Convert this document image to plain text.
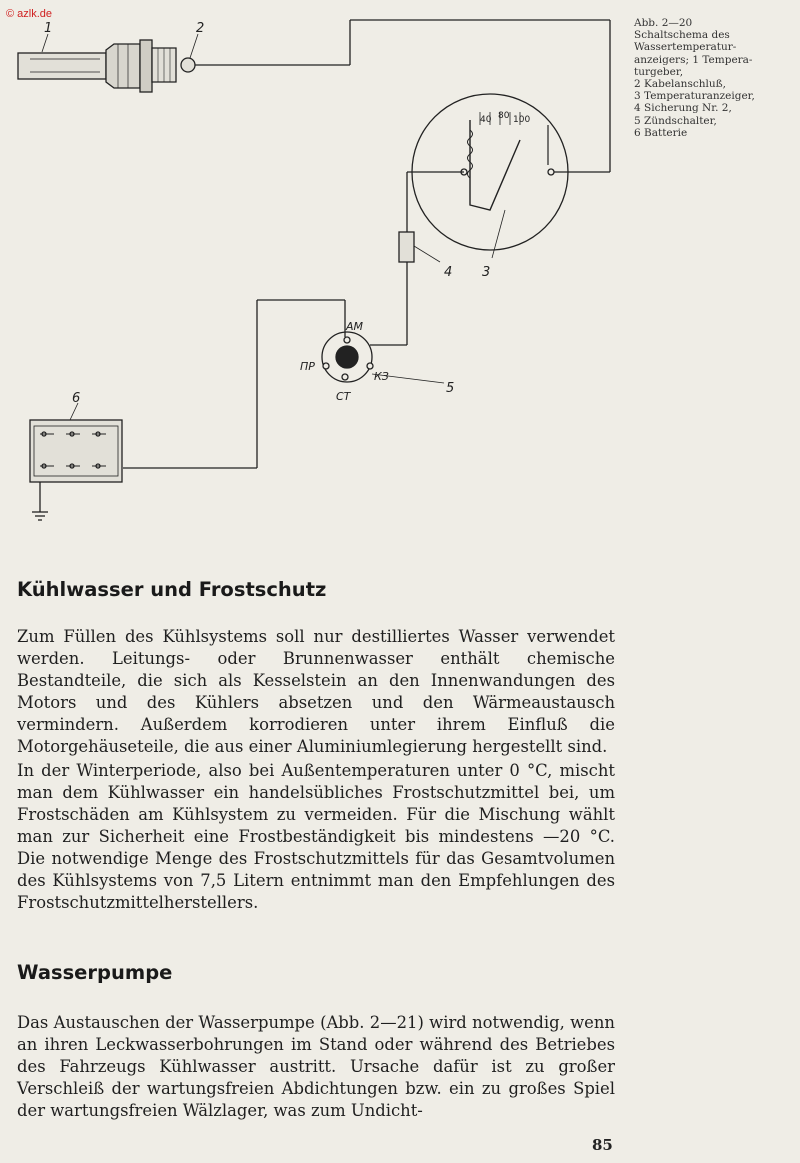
© azlk.de
1	2
3
4
5
6
AM
ПР
КЗ
СТ
40 80 100
Abb. 2—20
Schaltschema des
Wassertemperatur-
anzeigers; 1 Tempera-
turgeber,
2 Kabelanschluß,
3 Temperaturanzeiger,
4 Sicherung Nr. 2,
5 Zündschalter,
6 Batterie
Kühlwasser und Frostschutz

Zum Füllen des Kühlsystems soll nur destilliertes Wasser verwendet werden. Leitungs- oder Brunnenwasser enthält chemische Bestandteile, die sich als Kesselstein an den Innenwandungen des Motors und des Kühlers absetzen und den Wärmeaustausch vermindern. Außerdem korrodieren unter ihrem Einfluß die Motorgehäuseteile, die aus einer Aluminiumlegierung hergestellt sind.

In der Winterperiode, also bei Außentemperaturen unter 0 °C, mischt man dem Kühlwasser ein handelsübliches Frostschutzmittel bei, um Frostschäden am Kühlsystem zu vermeiden. Für die Mischung wählt man zur Sicherheit eine Frostbeständigkeit bis mindestens —20 °C. Die notwendige Menge des Frostschutzmittels für das Gesamtvolumen des Kühlsystems von 7,5 Litern entnimmt man den Empfehlungen des Frostschutzmittelherstellers.

Wasserpumpe

Das Austauschen der Wasserpumpe (Abb. 2—21) wird notwendig, wenn an ihren Leckwasserbohrungen im Stand oder während des Betriebes des Fahrzeugs Kühlwasser austritt. Ursache dafür ist zu großer Verschleiß der wartungsfreien Abdichtungen bzw. ein zu großes Spiel der wartungsfreien Wälzlager, was zum Undicht-

85
